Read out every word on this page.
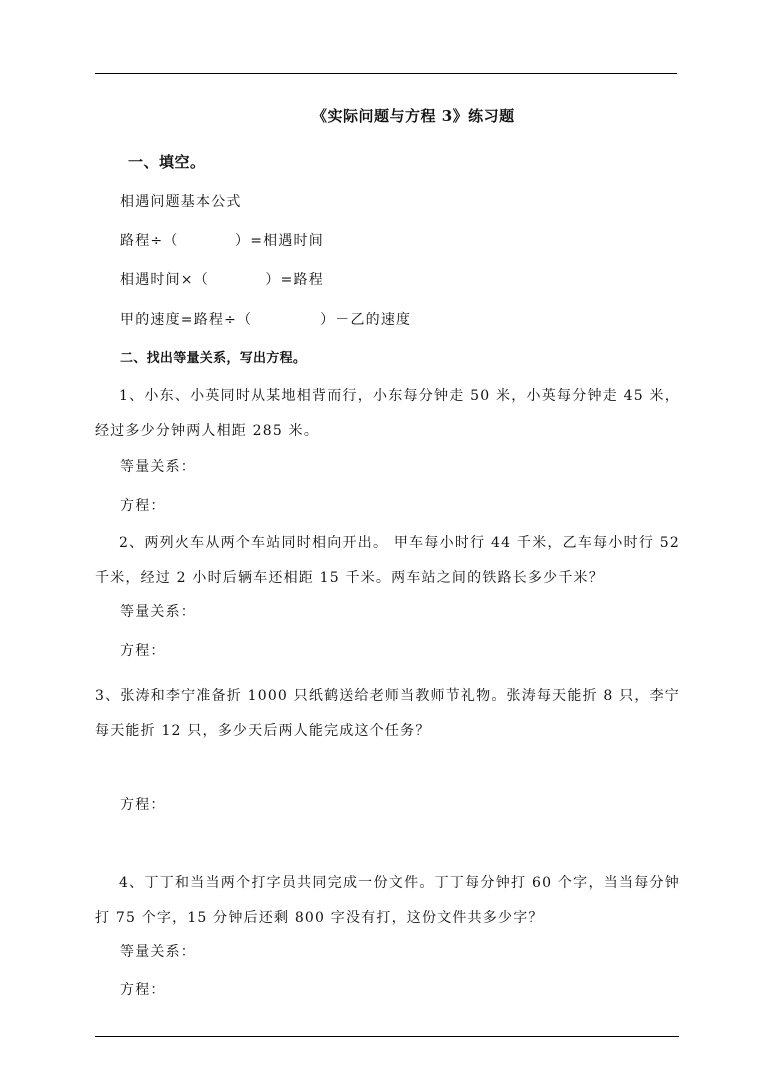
《实际问题与方程 3》练习题
一、填空。
相遇问题基本公式
路程÷（          ）=相遇时间
相遇时间×（          ）=路程
甲的速度=路程÷（            ）－乙的速度
二、找出等量关系，写出方程。
1、小东、小英同时从某地相背而行，小东每分钟走 50 米，小英每分钟走 45 米，经过多少分钟两人相距 285 米。
等量关系：
方程：
2、两列火车从两个车站同时相向开出。 甲车每小时行 44 千米，乙车每小时行 52 千米，经过 2 小时后辆车还相距 15 千米。两车站之间的铁路长多少千米？
等量关系：
方程：
3、张涛和李宁准备折 1000 只纸鹤送给老师当教师节礼物。张涛每天能折 8 只，李宁每天能折 12 只，多少天后两人能完成这个任务？
方程：
4、丁丁和当当两个打字员共同完成一份文件。丁丁每分钟打 60 个字，当当每分钟打 75 个字，15 分钟后还剩 800 字没有打，这份文件共多少字？
等量关系：
方程：
